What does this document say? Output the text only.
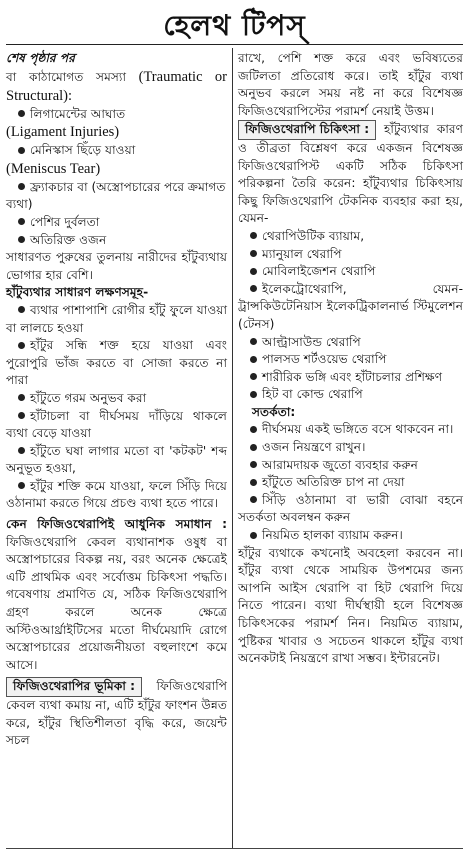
হেলথ টিপস্

শেষ পৃষ্ঠার পর

বা কাঠামোগত সমস্যা (Traumatic or Structural):

লিগামেন্টের আঘাত

(Ligament Injuries)

মেনিস্কাস ছিঁড়ে যাওয়া

(Meniscus Tear)

ফ্র্যাকচার বা (অস্ত্রোপচারের পরে ক্রমাগত ব্যথা)

পেশির দুর্বলতা

অতিরিক্ত ওজন

সাধারণত পুরুষের তুলনায় নারীদের হাঁটুব্যথায় ভোগার হার বেশি।

হাঁটুব্যথার সাধারণ লক্ষণসমূহ-

ব্যথার পাশাপাশি রোগীর হাঁটু ফুলে যাওয়া বা লালচে হওয়া

হাঁটুর সন্ধি শক্ত হয়ে যাওয়া এবং পুরোপুরি ভাঁজ করতে বা সোজা করতে না পারা

হাঁটুতে গরম অনুভব করা

হাঁটাচলা বা দীর্ঘসময় দাঁড়িয়ে থাকলে ব্যথা বেড়ে যাওয়া

হাঁটুতে ঘষা লাগার মতো বা 'কটকট' শব্দ অনুভূত হওয়া,

হাঁটুর শক্তি কমে যাওয়া, ফলে সিঁড়ি দিয়ে ওঠানামা করতে গিয়ে প্রচণ্ড ব্যথা হতে পারে।

কেন ফিজিওথেরাপিই আধুনিক সমাধান : ফিজিওথেরাপি কেবল ব্যথানাশক ওষুধ বা অস্ত্রোপচারের বিকল্প নয়, বরং অনেক ক্ষেত্রেই এটি প্রাথমিক এবং সর্বোত্তম চিকিৎসা পদ্ধতি। গবেষণায় প্রমাণিত যে, সঠিক ফিজিওথেরাপি গ্রহণ করলে অনেক ক্ষেত্রে অস্টিওআর্থ্রাইটিসের মতো দীর্ঘমেয়াদি রোগে অস্ত্রোপচারের প্রয়োজনীয়তা বহুলাংশে কমে আসে।

ফিজিওথেরাপির ভূমিকা : ফিজিওথেরাপি কেবল ব্যথা কমায় না, এটি হাঁটুর ফাংশন উন্নত করে, হাঁটুর স্থিতিশীলতা বৃদ্ধি করে, জয়েন্ট সচল

রাখে, পেশি শক্ত করে এবং ভবিষ্যতের জটিলতা প্রতিরোধ করে। তাই হাঁটুর ব্যথা অনুভব করলে সময় নষ্ট না করে বিশেষজ্ঞ ফিজিওথেরাপিস্টের পরামর্শ নেয়াই উত্তম।

ফিজিওথেরাপি চিকিৎসা : হাঁটুব্যথার কারণ ও তীব্রতা বিশ্লেষণ করে একজন বিশেষজ্ঞ ফিজিওথেরাপিস্ট একটি সঠিক চিকিৎসা পরিকল্পনা তৈরি করেন: হাঁটুব্যথার চিকিৎসায় কিছু ফিজিওথেরাপি টেকনিক ব্যবহার করা হয়, যেমন-

থেরাপিউটিক ব্যায়াম,

ম্যানুয়াল থেরাপি

মোবিলাইজেশন থেরাপি

ইলেকট্রোথেরাপি, যেমন- ট্রান্সকিউটেনিয়াস ইলেকট্রিকালনার্ভ স্টিমুলেশন (টেনস)

আল্ট্রাসাউন্ড থেরাপি

পালসড শর্টওয়েভ থেরাপি

শারীরিক ভঙ্গি এবং হাঁটাচলার প্রশিক্ষণ

হিট বা কোল্ড থেরাপি

সতর্কতা:

দীর্ঘসময় একই ভঙ্গিতে বসে থাকবেন না।

ওজন নিয়ন্ত্রণে রাখুন।

আরামদায়ক জুতো ব্যবহার করুন

হাঁটুতে অতিরিক্ত চাপ না দেয়া

সিঁড়ি ওঠানামা বা ভারী বোঝা বহনে সতর্কতা অবলম্বন করুন

নিয়মিত হালকা ব্যায়াম করুন।

হাঁটুর ব্যথাকে কখনোই অবহেলা করবেন না। হাঁটুর ব্যথা থেকে সাময়িক উপশমের জন্য আপনি আইস থেরাপি বা হিট থেরাপি দিয়ে নিতে পারেন। ব্যথা দীর্ঘস্থায়ী হলে বিশেষজ্ঞ চিকিৎসকের পরামর্শ নিন। নিয়মিত ব্যায়াম, পুষ্টিকর খাবার ও সচেতন থাকলে হাঁটুর ব্যথা অনেকটাই নিয়ন্ত্রণে রাখা সম্ভব। ইন্টারনেট।
